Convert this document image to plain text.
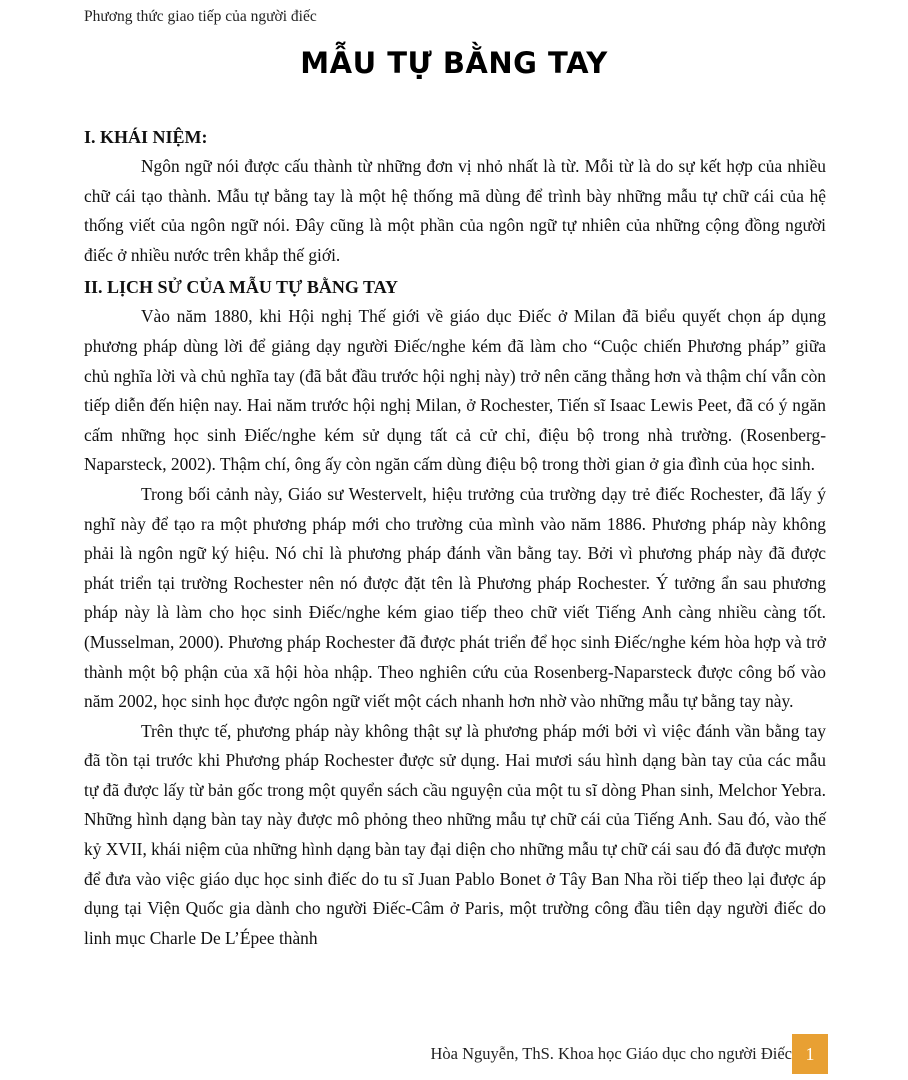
Phương thức giao tiếp của người điếc
MẪU TỰ BẰNG TAY
I. KHÁI NIỆM:

Ngôn ngữ nói được cấu thành từ những đơn vị nhỏ nhất là từ. Mỗi từ là do sự kết hợp của nhiều chữ cái tạo thành. Mẫu tự bằng tay là một hệ thống mã dùng để trình bày những mẫu tự chữ cái của hệ thống viết của ngôn ngữ nói. Đây cũng là một phần của ngôn ngữ tự nhiên của những cộng đồng người điếc ở nhiều nước trên khắp thế giới.

II. LỊCH SỬ CỦA MẪU TỰ BẰNG TAY

Vào năm 1880, khi Hội nghị Thế giới về giáo dục Điếc ở Milan đã biểu quyết chọn áp dụng phương pháp dùng lời để giảng dạy người Điếc/nghe kém đã làm cho “Cuộc chiến Phương pháp” giữa chủ nghĩa lời và chủ nghĩa tay (đã bắt đầu trước hội nghị này) trở nên căng thẳng hơn và thậm chí vẫn còn tiếp diễn đến hiện nay. Hai năm trước hội nghị Milan, ở Rochester, Tiến sĩ Isaac Lewis Peet, đã có ý ngăn cấm những học sinh Điếc/nghe kém sử dụng tất cả cử chỉ, điệu bộ trong nhà trường. (Rosenberg-Naparsteck, 2002). Thậm chí, ông ấy còn ngăn cấm dùng điệu bộ trong thời gian ở gia đình của học sinh.

Trong bối cảnh này, Giáo sư Westervelt, hiệu trưởng của trường dạy trẻ điếc Rochester, đã lấy ý nghĩ này để tạo ra một phương pháp mới cho trường của mình vào năm 1886. Phương pháp này không phải là ngôn ngữ ký hiệu. Nó chỉ là phương pháp đánh vần bằng tay. Bởi vì phương pháp này đã được phát triển tại trường Rochester nên nó được đặt tên là Phương pháp Rochester. Ý tưởng ẩn sau phương pháp này là làm cho học sinh Điếc/nghe kém giao tiếp theo chữ viết Tiếng Anh càng nhiều càng tốt. (Musselman, 2000). Phương pháp Rochester đã được phát triển để học sinh Điếc/nghe kém hòa hợp và trở thành một bộ phận của xã hội hòa nhập. Theo nghiên cứu của Rosenberg-Naparsteck được công bố vào năm 2002, học sinh học được ngôn ngữ viết một cách nhanh hơn nhờ vào những mẫu tự bằng tay này.

Trên thực tế, phương pháp này không thật sự là phương pháp mới bởi vì việc đánh vần bằng tay đã tồn tại trước khi Phương pháp Rochester được sử dụng. Hai mươi sáu hình dạng bàn tay của các mẫu tự đã được lấy từ bản gốc trong một quyển sách cầu nguyện của một tu sĩ dòng Phan sinh, Melchor Yebra. Những hình dạng bàn tay này được mô phỏng theo những mẫu tự chữ cái của Tiếng Anh. Sau đó, vào thế kỷ XVII, khái niệm của những hình dạng bàn tay đại diện cho những mẫu tự chữ cái sau đó đã được mượn để đưa vào việc giáo dục học sinh điếc do tu sĩ Juan Pablo Bonet ở Tây Ban Nha rồi tiếp theo lại được áp dụng tại Viện Quốc gia dành cho người Điếc-Câm ở Paris, một trường công đầu tiên dạy người điếc do linh mục Charle De L’Épee thành

Hòa Nguyễn, ThS. Khoa học Giáo dục cho người Điếc 1
